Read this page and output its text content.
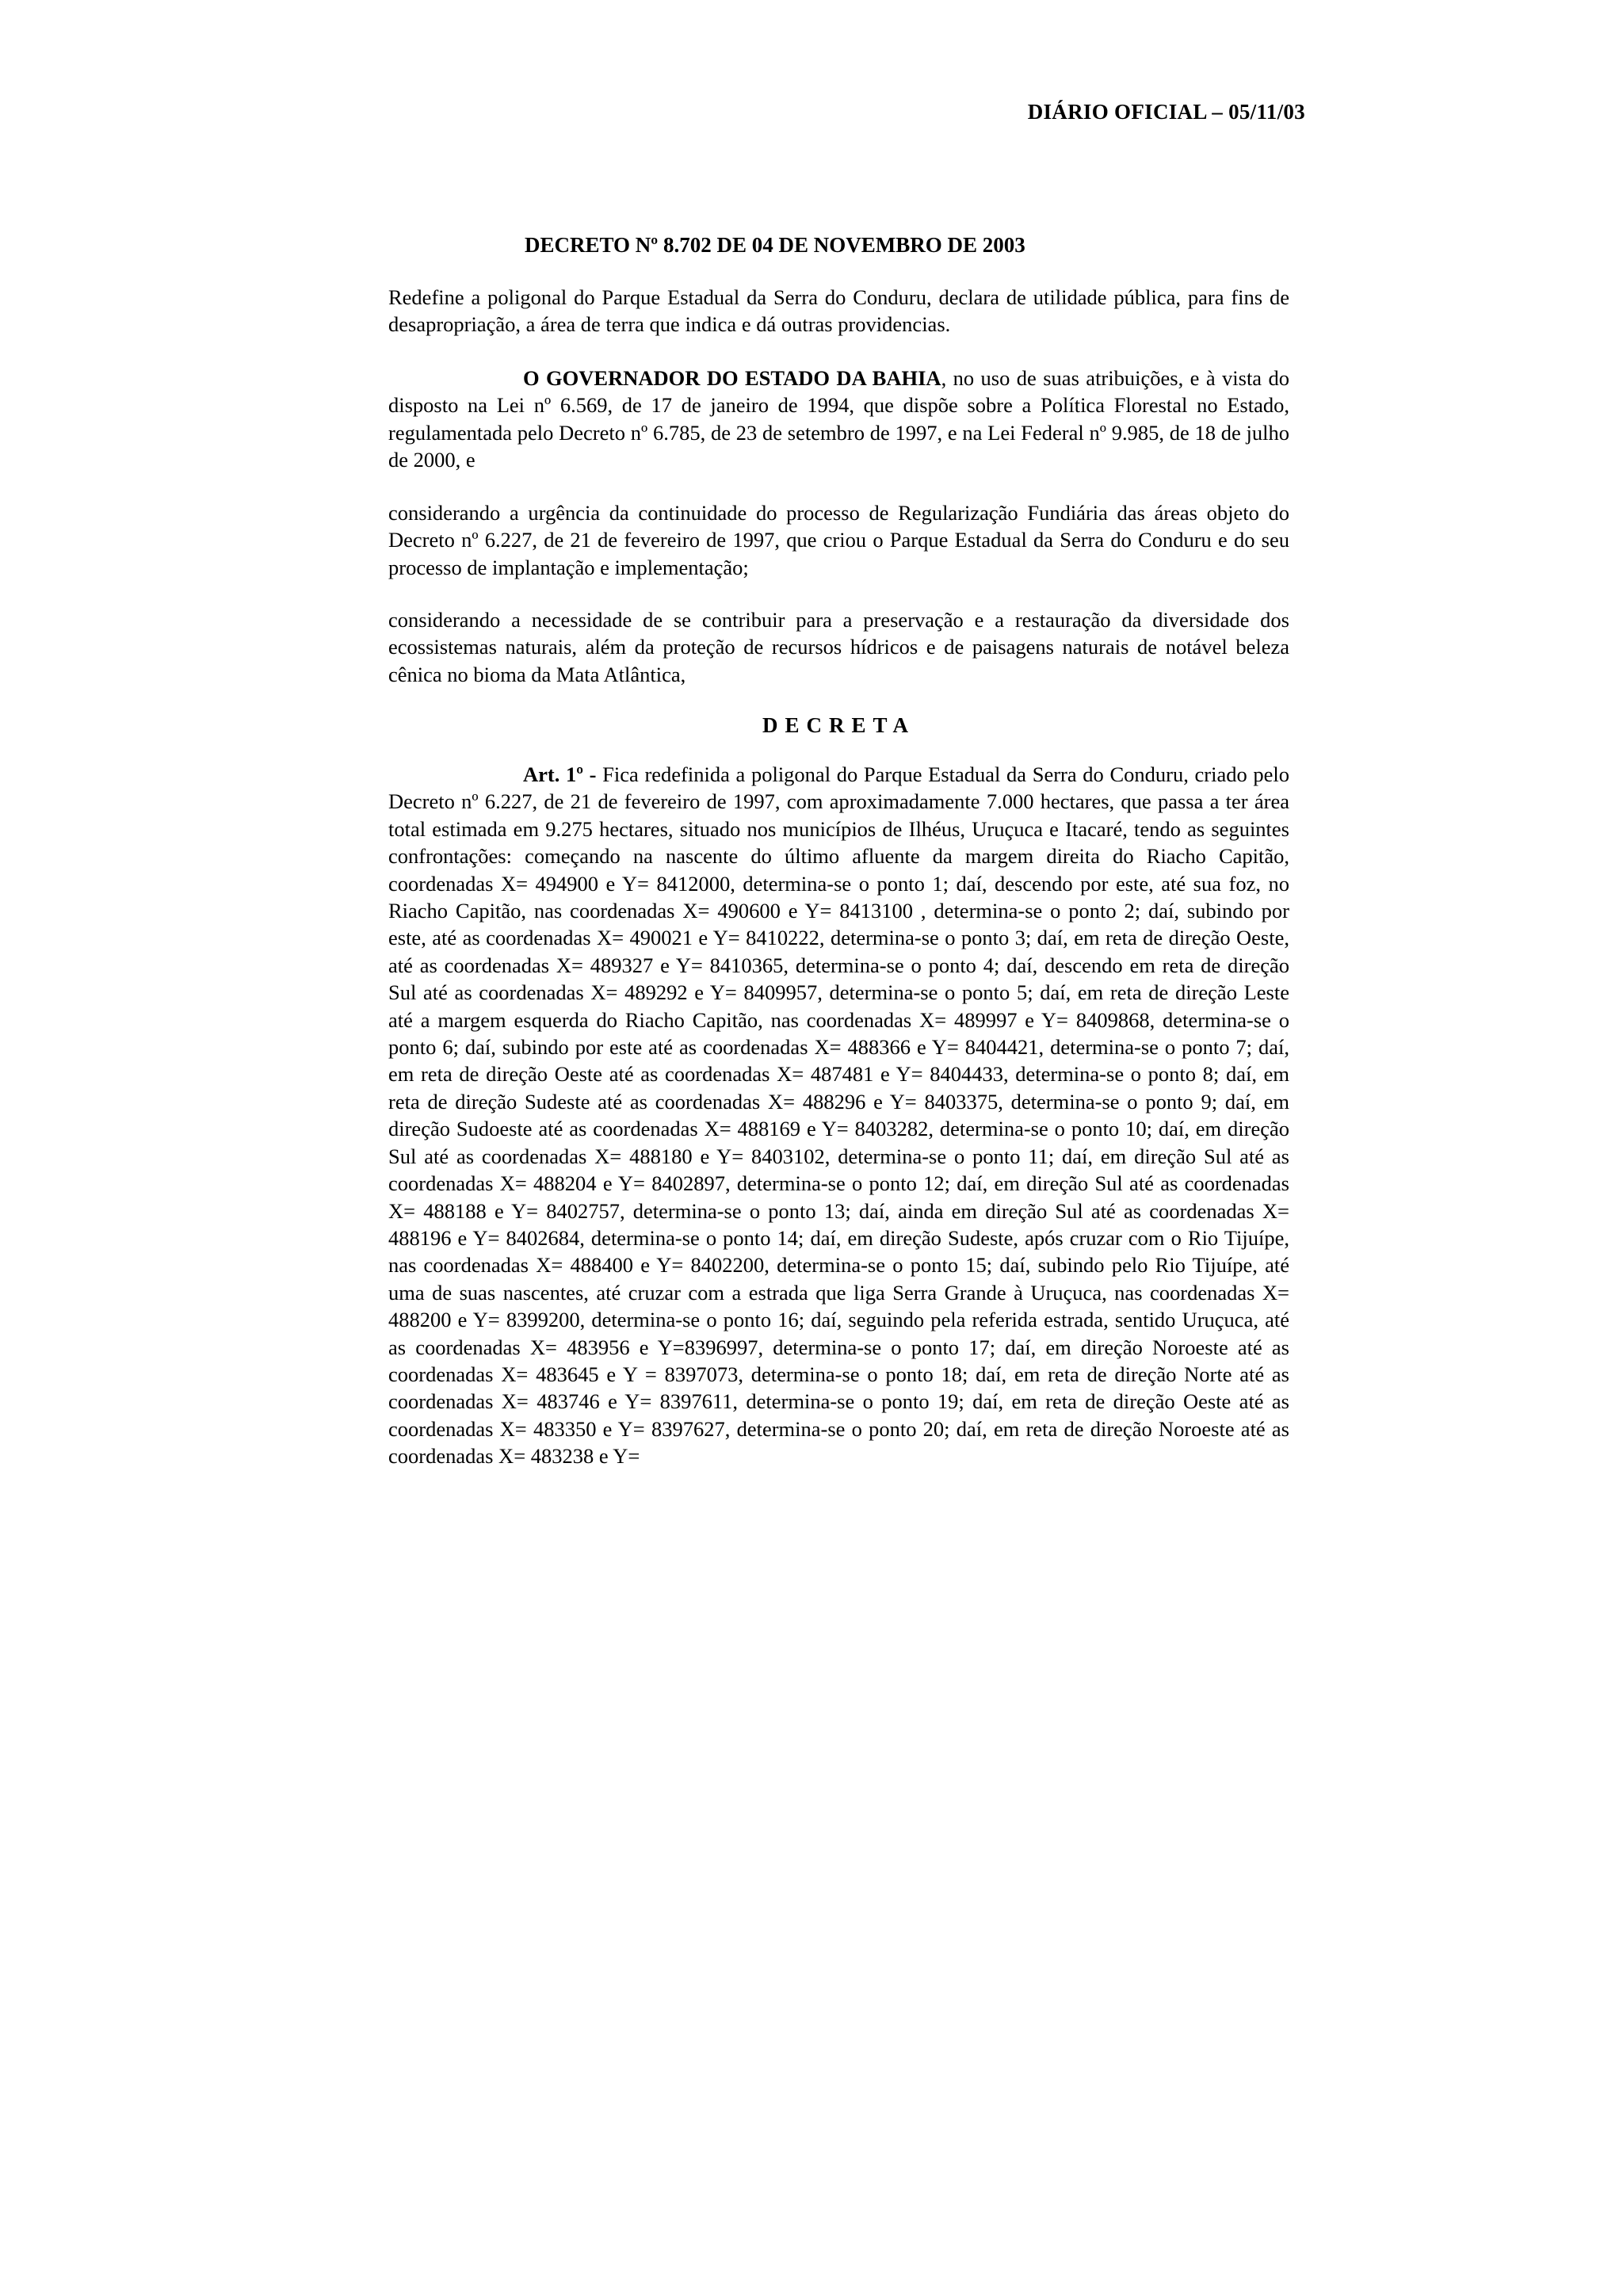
DIÁRIO OFICIAL – 05/11/03
DECRETO Nº 8.702 DE 04 DE NOVEMBRO DE 2003
Redefine a poligonal do Parque Estadual da Serra do Conduru, declara de utilidade pública, para fins de desapropriação, a área de terra que indica e dá outras providencias.
O GOVERNADOR DO ESTADO DA BAHIA, no uso de suas atribuições, e à vista do disposto na Lei nº 6.569, de 17 de janeiro de 1994, que dispõe sobre a Política Florestal no Estado, regulamentada pelo Decreto nº 6.785, de 23 de setembro de 1997, e na Lei Federal nº 9.985, de 18 de julho de 2000, e
considerando a urgência da continuidade do processo de Regularização Fundiária das áreas objeto do Decreto nº 6.227, de 21 de fevereiro de 1997, que criou o Parque Estadual da Serra do Conduru e do seu processo de implantação e implementação;
considerando a necessidade de se contribuir para a preservação e a restauração da diversidade dos ecossistemas naturais, além da proteção de recursos hídricos e de paisagens naturais de notável beleza cênica no bioma da Mata Atlântica,
DECRETA
Art. 1º - Fica redefinida a poligonal do Parque Estadual da Serra do Conduru, criado pelo Decreto nº 6.227, de 21 de fevereiro de 1997, com aproximadamente 7.000 hectares, que passa a ter área total estimada em 9.275 hectares, situado nos municípios de Ilhéus, Uruçuca e Itacaré, tendo as seguintes confrontações: começando na nascente do último afluente da margem direita do Riacho Capitão, coordenadas X= 494900 e Y= 8412000, determina-se o ponto 1; daí, descendo por este, até sua foz, no Riacho Capitão, nas coordenadas X= 490600 e Y= 8413100 , determina-se o ponto 2; daí, subindo por este, até as coordenadas X= 490021 e Y= 8410222, determina-se o ponto 3; daí, em reta de direção Oeste, até as coordenadas X= 489327 e Y= 8410365, determina-se o ponto 4; daí, descendo em reta de direção Sul até as coordenadas X= 489292 e Y= 8409957, determina-se o ponto 5; daí, em reta de direção Leste até a margem esquerda do Riacho Capitão, nas coordenadas X= 489997 e Y= 8409868, determina-se o ponto 6; daí, subindo por este até as coordenadas X= 488366 e Y= 8404421, determina-se o ponto 7; daí, em reta de direção Oeste até as coordenadas X= 487481 e Y= 8404433, determina-se o ponto 8; daí, em reta de direção Sudeste até as coordenadas X= 488296 e Y= 8403375, determina-se o ponto 9; daí, em direção Sudoeste até as coordenadas X= 488169 e Y= 8403282, determina-se o ponto 10; daí, em direção Sul até as coordenadas X= 488180 e Y= 8403102, determina-se o ponto 11; daí, em direção Sul até as coordenadas X= 488204 e Y= 8402897, determina-se o ponto 12; daí, em direção Sul até as coordenadas X= 488188 e Y= 8402757, determina-se o ponto 13; daí, ainda em direção Sul até as coordenadas X= 488196 e Y= 8402684, determina-se o ponto 14; daí, em direção Sudeste, após cruzar com o Rio Tijuípe, nas coordenadas X= 488400 e Y= 8402200, determina-se o ponto 15; daí, subindo pelo Rio Tijuípe, até uma de suas nascentes, até cruzar com a estrada que liga Serra Grande à Uruçuca, nas coordenadas X= 488200 e Y= 8399200, determina-se o ponto 16; daí, seguindo pela referida estrada, sentido Uruçuca, até as coordenadas X= 483956 e Y=8396997, determina-se o ponto 17; daí, em direção Noroeste até as coordenadas X= 483645 e Y = 8397073, determina-se o ponto 18; daí, em reta de direção Norte até as coordenadas X= 483746 e Y= 8397611, determina-se o ponto 19; daí, em reta de direção Oeste até as coordenadas X= 483350 e Y= 8397627, determina-se o ponto 20; daí, em reta de direção Noroeste até as coordenadas X= 483238 e Y=
